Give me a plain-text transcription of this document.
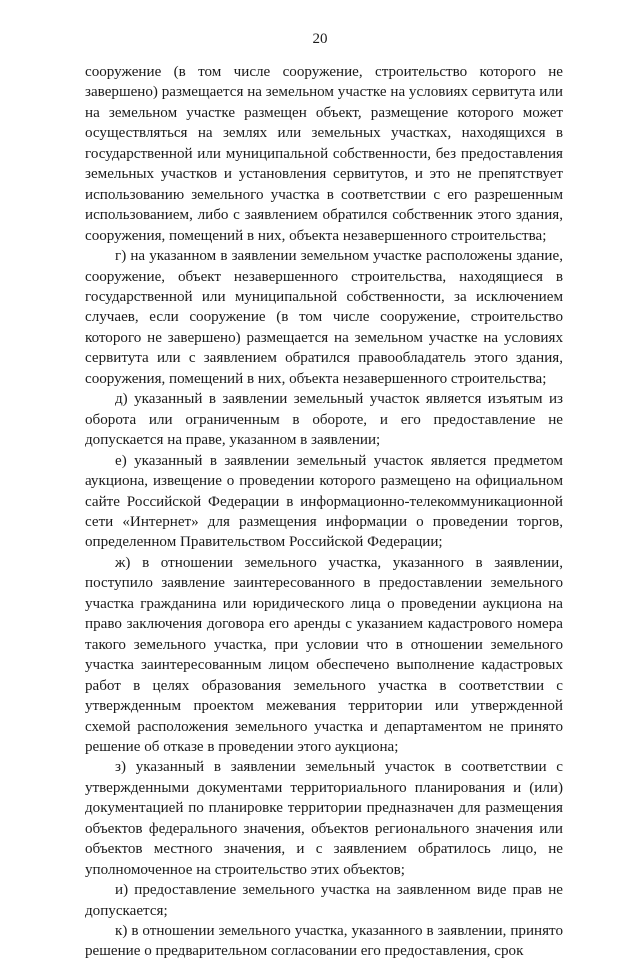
20

сооружение (в том числе сооружение, строительство которого не завершено) размещается на земельном участке на условиях сервитута или на земельном участке размещен объект, размещение которого может осуществляться на землях или земельных участках, находящихся в государственной или муниципальной собственности, без предоставления земельных участков и установления сервитутов, и это не препятствует использованию земельного участка в соответствии с его разрешенным использованием, либо с заявлением обратился собственник этого здания, сооружения, помещений в них, объекта незавершенного строительства;

г) на указанном в заявлении земельном участке расположены здание, сооружение, объект незавершенного строительства, находящиеся в государственной или муниципальной собственности, за исключением случаев, если сооружение (в том числе сооружение, строительство которого не завершено) размещается на земельном участке на условиях сервитута или с заявлением обратился правообладатель этого здания, сооружения, помещений в них, объекта незавершенного строительства;

д) указанный в заявлении земельный участок является изъятым из оборота или ограниченным в обороте, и его предоставление не допускается на праве, указанном в заявлении;

е) указанный в заявлении земельный участок является предметом аукциона, извещение о проведении которого размещено на официальном сайте Российской Федерации в информационно-телекоммуникационной сети «Интернет» для размещения информации о проведении торгов, определенном Правительством Российской Федерации;

ж) в отношении земельного участка, указанного в заявлении, поступило заявление заинтересованного в предоставлении земельного участка гражданина или юридического лица о проведении аукциона на право заключения договора его аренды с указанием кадастрового номера такого земельного участка, при условии что в отношении земельного участка заинтересованным лицом обеспечено выполнение кадастровых работ в целях образования земельного участка в соответствии с утвержденным проектом межевания территории или утвержденной схемой расположения земельного участка и департаментом не принято решение об отказе в проведении этого аукциона;

з) указанный в заявлении земельный участок в соответствии с утвержденными документами территориального планирования и (или) документацией по планировке территории предназначен для размещения объектов федерального значения, объектов регионального значения или объектов местного значения, и с заявлением обратилось лицо, не уполномоченное на строительство этих объектов;

и) предоставление земельного участка на заявленном виде прав не допускается;

к) в отношении земельного участка, указанного в заявлении, принято решение о предварительном согласовании его предоставления, срок
